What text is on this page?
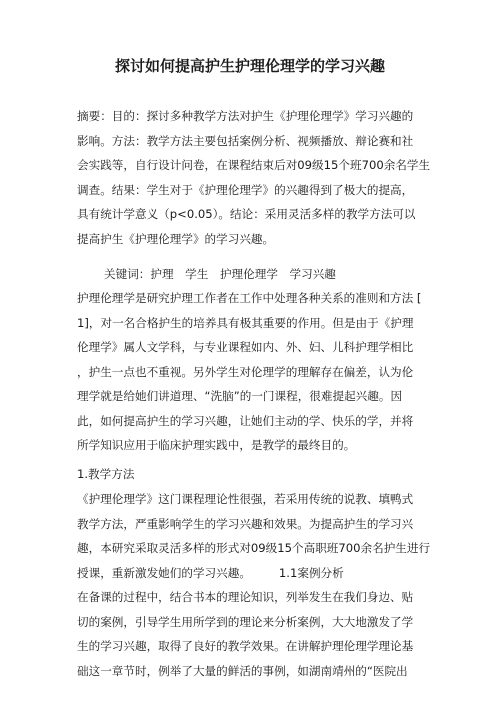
探讨如何提高护生护理伦理学的学习兴趣
摘要：目的：探讨多种教学方法对护生《护理伦理学》学习兴趣的
影响。方法：教学方法主要包括案例分析、视频播放、辩论赛和社
会实践等，自行设计问卷，在课程结束后对09级15个班700余名学生
调查。结果：学生对于《护理伦理学》的兴趣得到了极大的提高，
具有统计学意义（p<0.05）。结论：采用灵活多样的教学方法可以
提高护生《护理伦理学》的学习兴趣。
关键词：护理　学生　护理伦理学　学习兴趣
护理伦理学是研究护理工作者在工作中处理各种关系的准则和方法 [
1]，对一名合格护生的培养具有极其重要的作用。但是由于《护理
伦理学》属人文学科，与专业课程如内、外、妇、儿科护理学相比
，护生一点也不重视。另外学生对伦理学的理解存在偏差，认为伦
理学就是给她们讲道理、“洗脑”的一门课程，很难提起兴趣。因
此，如何提高护生的学习兴趣，让她们主动的学、快乐的学，并将
所学知识应用于临床护理实践中，是教学的最终目的。
1.教学方法
《护理伦理学》这门课程理论性很强，若采用传统的说教、填鸭式
教学方法，严重影响学生的学习兴趣和效果。为提高护生的学习兴
趣，本研究采取灵活多样的形式对09级15个高职班700余名护生进行
授课，重新激发她们的学习兴趣。 1.1案例分析
在备课的过程中，结合书本的理论知识，列举发生在我们身边、贴
切的案例，引导学生用所学到的理论来分析案例，大大地激发了学
生的学习兴趣，取得了良好的教学效果。在讲解护理伦理学理论基
础这一章节时，例举了大量的鲜活的事例，如湖南靖州的“医院出
